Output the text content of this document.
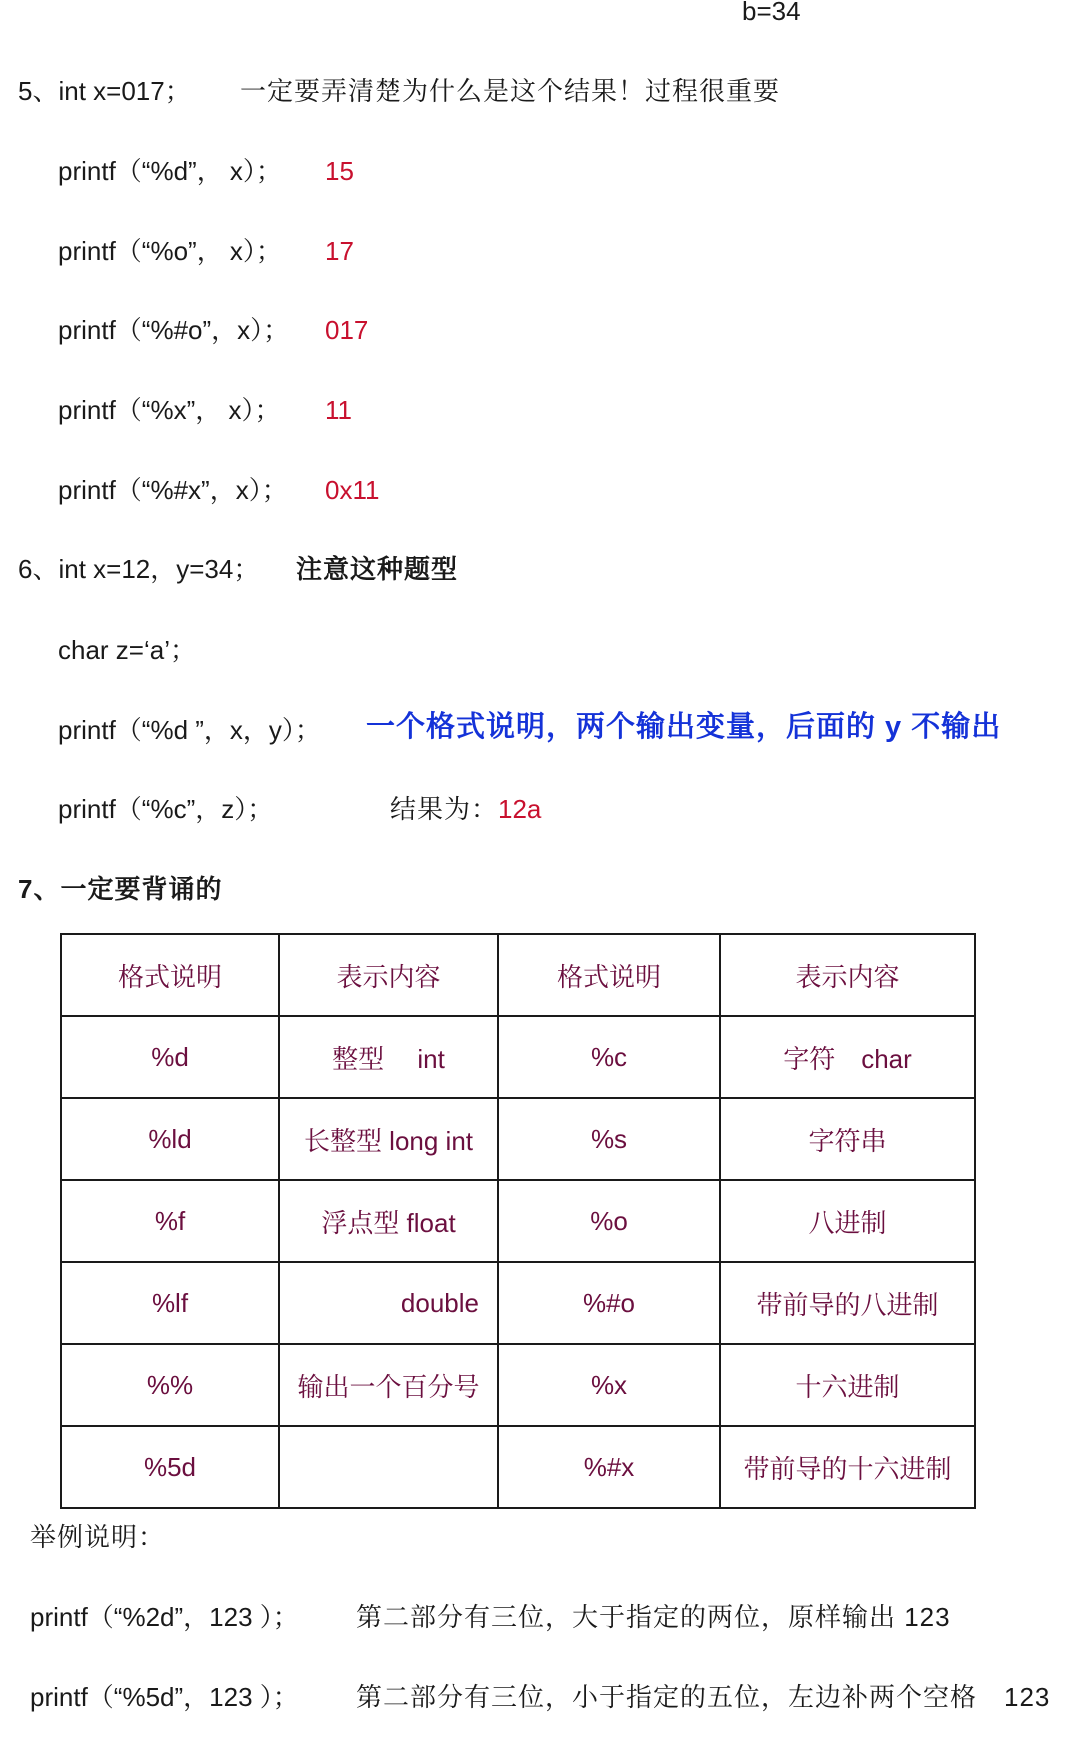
b=34
5、int x=017； 一定要弄清楚为什么是这个结果！过程很重要
printf（“%d”， x）； 15
printf（“%o”， x）； 17
printf（“%#o”，x）； 017
printf（“%x”， x）； 11
printf（“%#x”，x）； 0x11
6、int x=12，y=34； 注意这种题型
char z=‘a’；
printf（“%d ”，x，y）； 一个格式说明，两个输出变量，后面的 y 不输出
printf（“%c”，z）；	结果为： 12a
7、一定要背诵的
格式说明	表示内容	格式说明	表示内容
%d	整型　 int	%c	字符　char
%ld	长整型 long int	%s	字符串
%f	浮点型 float	%o	八进制
%lf	double	%#o	带前导的八进制
%%	输出一个百分号	%x	十六进制
%5d		%#x	带前导的十六进制
举例说明：
printf（“%2d”，123 ）； 第二部分有三位，大于指定的两位，原样输出 123
printf（“%5d”，123 ）； 第二部分有三位，小于指定的五位，左边补两个空格　123
